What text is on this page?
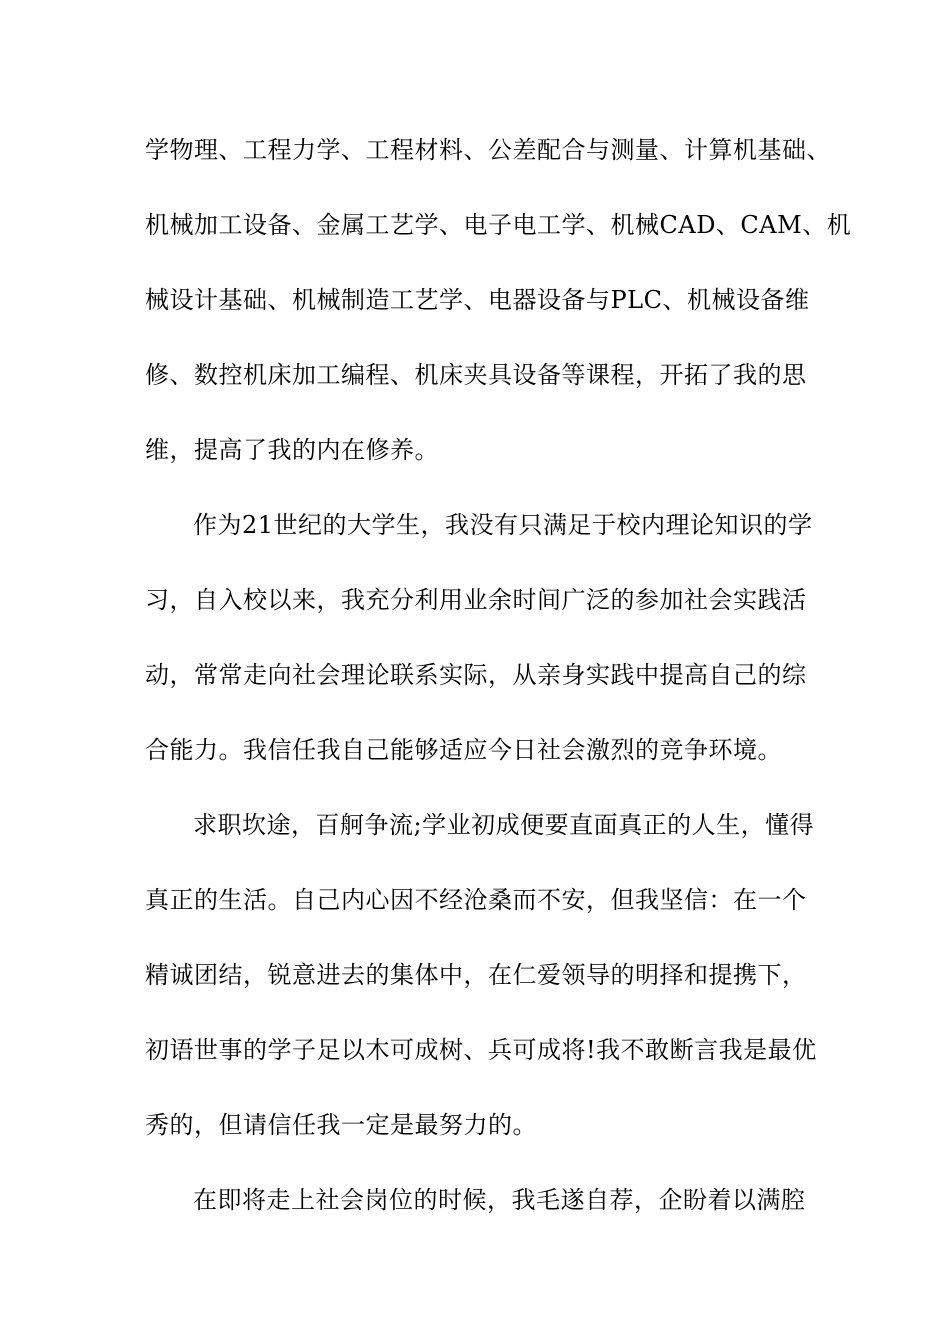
学物理、工程力学、工程材料、公差配合与测量、计算机基础、
机械加工设备、金属工艺学、电子电工学、机械CAD、CAM、机
械设计基础、机械制造工艺学、电器设备与PLC、机械设备维
修、数控机床加工编程、机床夹具设备等课程，开拓了我的思
维，提高了我的内在修养。
作为21世纪的大学生，我没有只满足于校内理论知识的学
习，自入校以来，我充分利用业余时间广泛的参加社会实践活
动，常常走向社会理论联系实际，从亲身实践中提高自己的综
合能力。我信任我自己能够适应今日社会激烈的竞争环境。
求职坎途，百舸争流;学业初成便要直面真正的人生，懂得
真正的生活。自己内心因不经沧桑而不安，但我坚信：在一个
精诚团结，锐意进去的集体中，在仁爱领导的明择和提携下，
初语世事的学子足以木可成树、兵可成将!我不敢断言我是最优
秀的，但请信任我一定是最努力的。
在即将走上社会岗位的时候，我毛遂自荐，企盼着以满腔
